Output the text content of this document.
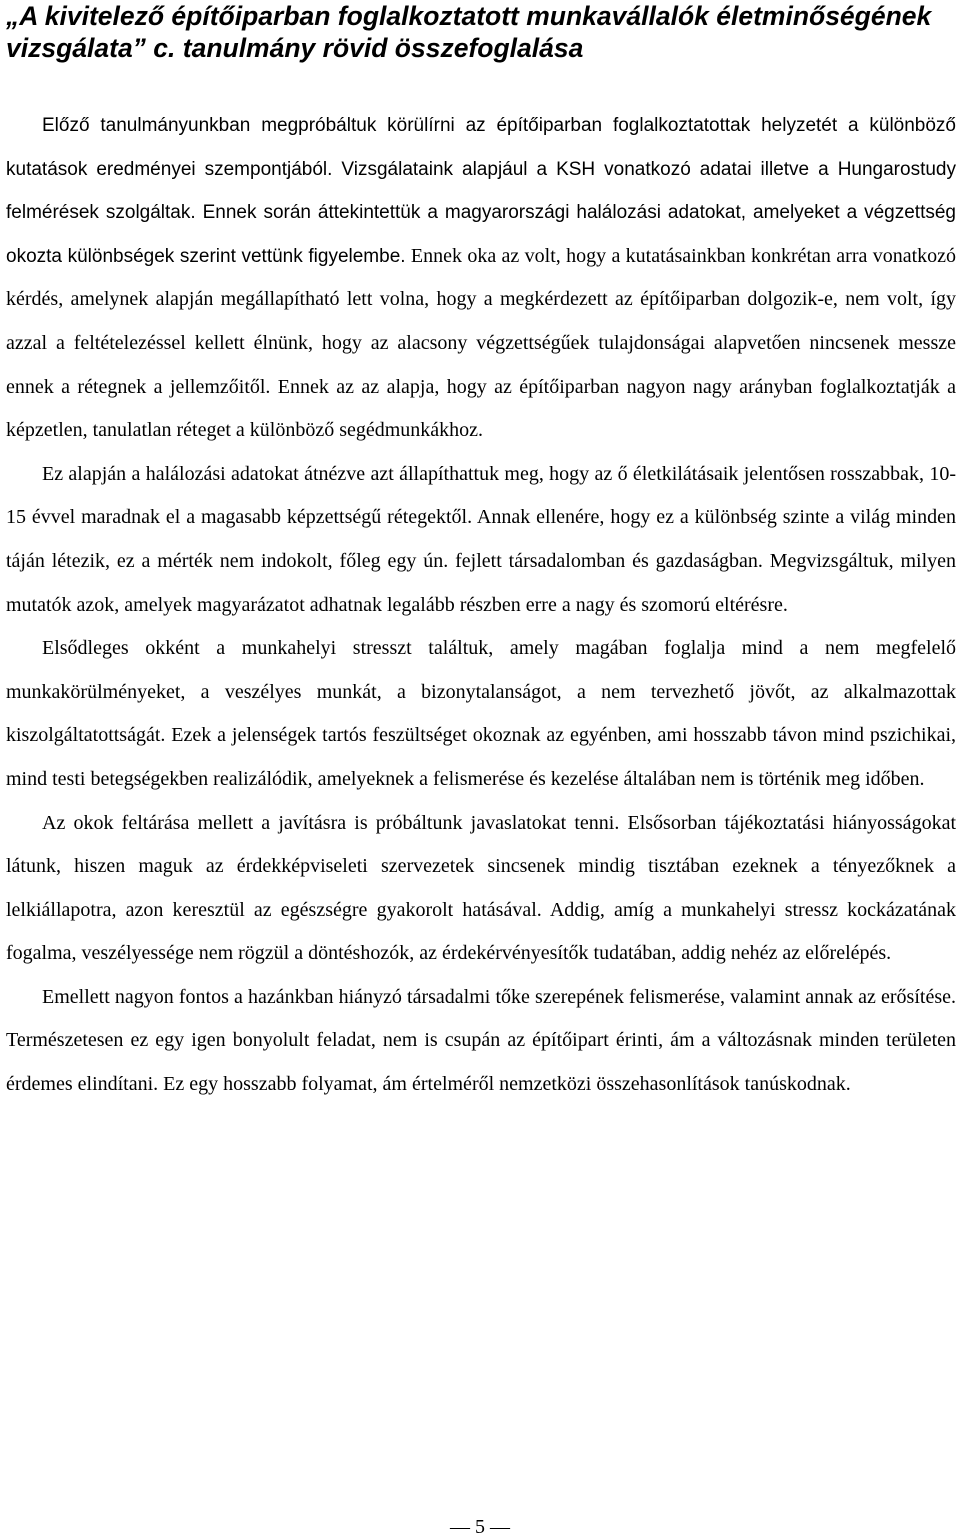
„A kivitelező építőiparban foglalkoztatott munkavállalók életminőségének vizsgálata” c. tanulmány rövid összefoglalása

Előző tanulmányunkban megpróbáltuk körülírni az építőiparban foglalkoztatottak helyzetét a különböző kutatások eredményei szempontjából. Vizsgálataink alapjául a KSH vonatkozó adatai illetve a Hungarostudy felmérések szolgáltak. Ennek során áttekintettük a magyarországi halálozási adatokat, amelyeket a végzettség okozta különbségek szerint vettünk figyelembe. Ennek oka az volt, hogy a kutatásainkban konkrétan arra vonatkozó kérdés, amelynek alapján megállapítható lett volna, hogy a megkérdezett az építőiparban dolgozik-e, nem volt, így azzal a feltételezéssel kellett élnünk, hogy az alacsony végzettségűek tulajdonságai alapvetően nincsenek messze ennek a rétegnek a jellemzőitől. Ennek az az alapja, hogy az építőiparban nagyon nagy arányban foglalkoztatják a képzetlen, tanulatlan réteget a különböző segédmunkákhoz.

Ez alapján a halálozási adatokat átnézve azt állapíthattuk meg, hogy az ő életkilátásaik jelentősen rosszabbak, 10-15 évvel maradnak el a magasabb képzettségű rétegektől. Annak ellenére, hogy ez a különbség szinte a világ minden táján létezik, ez a mérték nem indokolt, főleg egy ún. fejlett társadalomban és gazdaságban. Megvizsgáltuk, milyen mutatók azok, amelyek magyarázatot adhatnak legalább részben erre a nagy és szomorú eltérésre.

Elsődleges okként a munkahelyi stresszt találtuk, amely magában foglalja mind a nem megfelelő munkakörülményeket, a veszélyes munkát, a bizonytalanságot, a nem tervezhető jövőt, az alkalmazottak kiszolgáltatottságát. Ezek a jelenségek tartós feszültséget okoznak az egyénben, ami hosszabb távon mind pszichikai, mind testi betegségekben realizálódik, amelyeknek a felismerése és kezelése általában nem is történik meg időben.

Az okok feltárása mellett a javításra is próbáltunk javaslatokat tenni. Elsősorban tájékoztatási hiányosságokat látunk, hiszen maguk az érdekképviseleti szervezetek sincsenek mindig tisztában ezeknek a tényezőknek a lelkiállapotra, azon keresztül az egészségre gyakorolt hatásával. Addig, amíg a munkahelyi stressz kockázatának fogalma, veszélyessége nem rögzül a döntéshozók, az érdekérvényesítők tudatában, addig nehéz az előrelépés.

Emellett nagyon fontos a hazánkban hiányzó társadalmi tőke szerepének felismerése, valamint annak az erősítése. Természetesen ez egy igen bonyolult feladat, nem is csupán az építőipart érinti, ám a változásnak minden területen érdemes elindítani. Ez egy hosszabb folyamat, ám értelméről nemzetközi összehasonlítások tanúskodnak.

— 5 —
